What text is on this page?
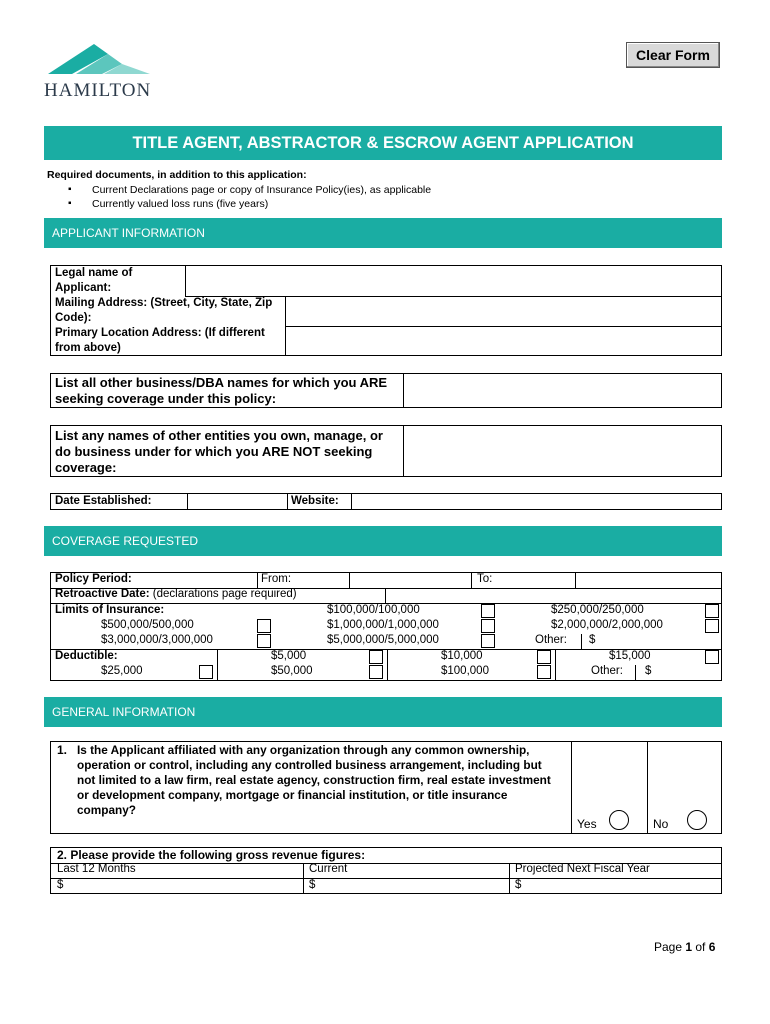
HAMILTON
Clear Form
TITLE AGENT, ABSTRACTOR & ESCROW AGENT APPLICATION
Required documents, in addition to this application:
▪ Current Declarations page or copy of Insurance Policy(ies), as applicable
▪ Currently valued loss runs (five years)
APPLICANT INFORMATION
Legal name of Applicant:
Mailing Address: (Street, City, State, Zip Code):
Primary Location Address: (If different from above)
List all other business/DBA names for which you ARE seeking coverage under this policy:
List any names of other entities you own, manage, or do business under for which you ARE NOT seeking coverage:
Date Established:	Website:
COVERAGE REQUESTED
Policy Period:	From:	To:
Retroactive Date: (declarations page required)
Limits of Insurance:	$100,000/100,000	$250,000/250,000
$500,000/500,000	$1,000,000/1,000,000	$2,000,000/2,000,000
$3,000,000/3,000,000	$5,000,000/5,000,000	Other: $
Deductible:	$5,000	$10,000	$15,000
$25,000	$50,000	$100,000	Other: $
GENERAL INFORMATION
1. Is the Applicant affiliated with any organization through any common ownership, operation or control, including any controlled business arrangement, including but not limited to a law firm, real estate agency, construction firm, real estate investment or development company, mortgage or financial institution, or title insurance company?
Yes	No
2. Please provide the following gross revenue figures:
Last 12 Months	Current	Projected Next Fiscal Year
$	$	$
Page 1 of 6
